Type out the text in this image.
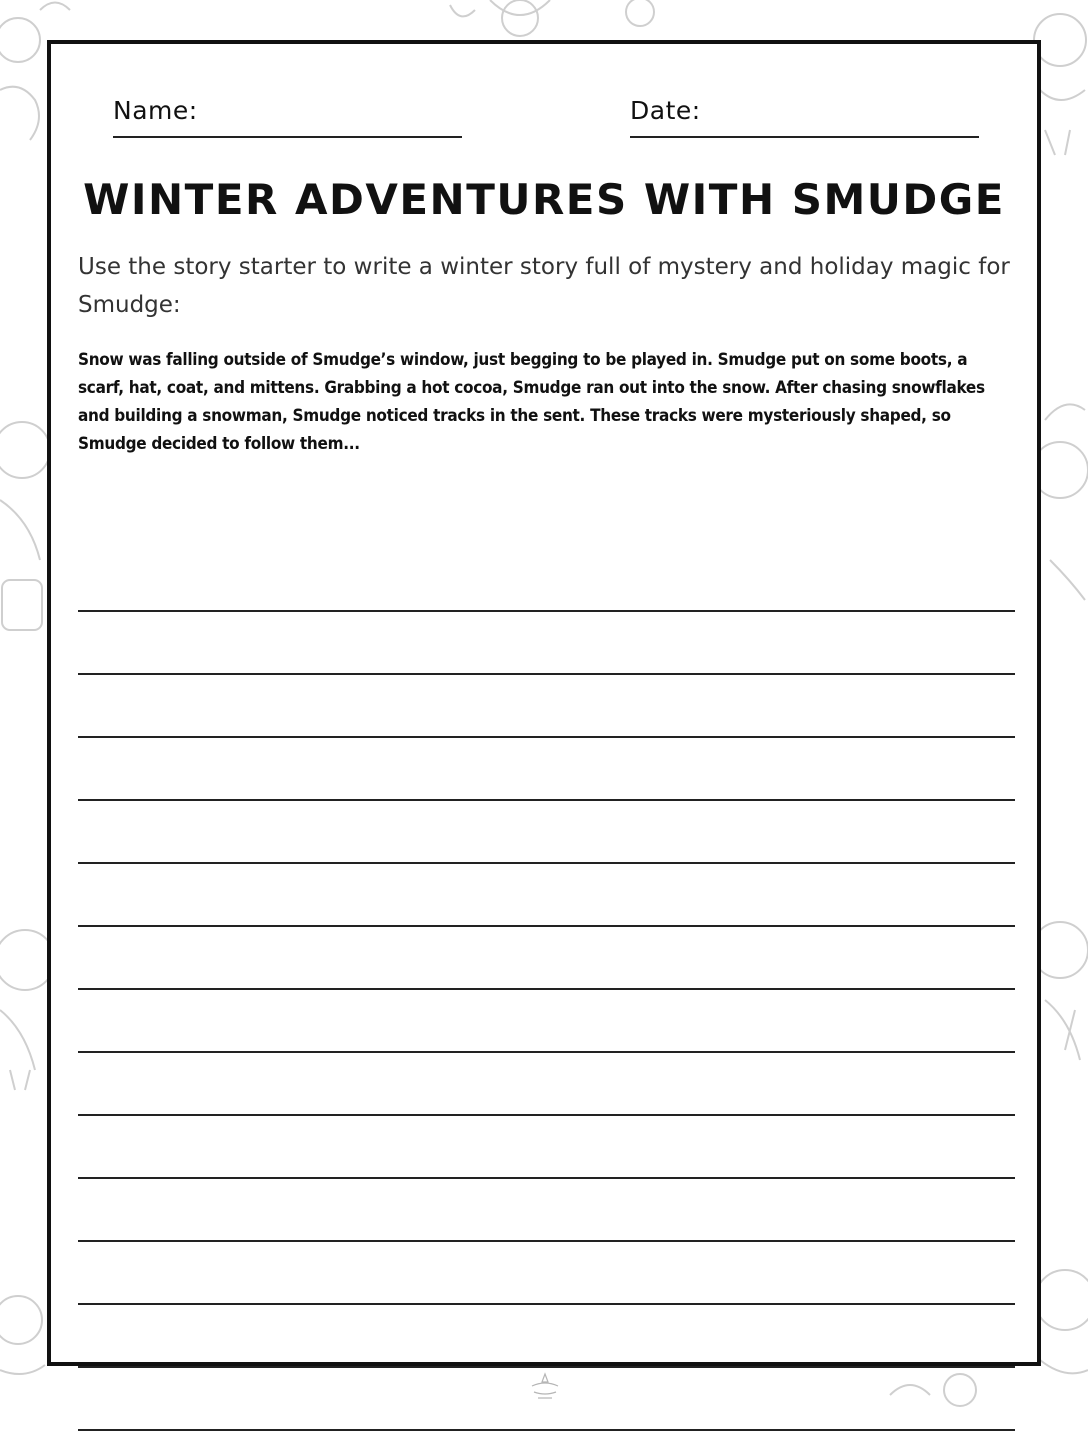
Name:	Date:
WINTER ADVENTURES WITH SMUDGE

Use the story starter to write a winter story full of mystery and holiday magic for Smudge:

Snow was falling outside of Smudge’s window, just begging to be played in. Smudge put on some boots, a scarf, hat, coat, and mittens. Grabbing a hot cocoa, Smudge ran out into the snow. After chasing snowflakes and building a snowman, Smudge noticed tracks in the sent. These tracks were mysteriously shaped, so Smudge decided to follow them...
